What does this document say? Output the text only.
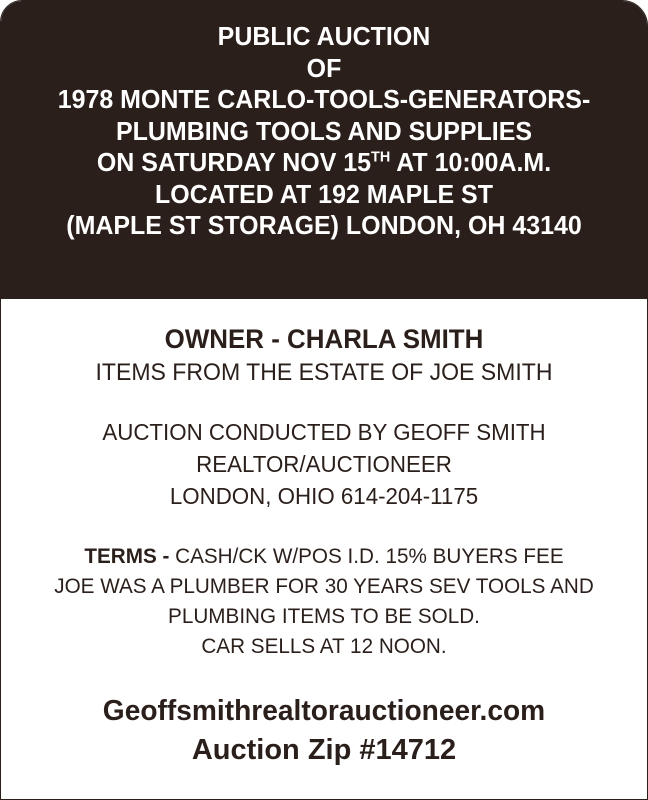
PUBLIC AUCTION
OF
1978 MONTE CARLO-TOOLS-GENERATORS-
PLUMBING TOOLS AND SUPPLIES
ON SATURDAY NOV 15TH AT 10:00A.M.
LOCATED AT 192 MAPLE ST
(MAPLE ST STORAGE) LONDON, OH 43140
OWNER - CHARLA SMITH
ITEMS FROM THE ESTATE OF JOE SMITH
AUCTION CONDUCTED BY GEOFF SMITH
REALTOR/AUCTIONEER
LONDON, OHIO 614-204-1175
TERMS - CASH/CK W/POS I.D. 15% BUYERS FEE
JOE WAS A PLUMBER FOR 30 YEARS SEV TOOLS AND
PLUMBING ITEMS TO BE SOLD.
CAR SELLS AT 12 NOON.
Geoffsmithrealtorauctioneer.com
Auction Zip #14712
